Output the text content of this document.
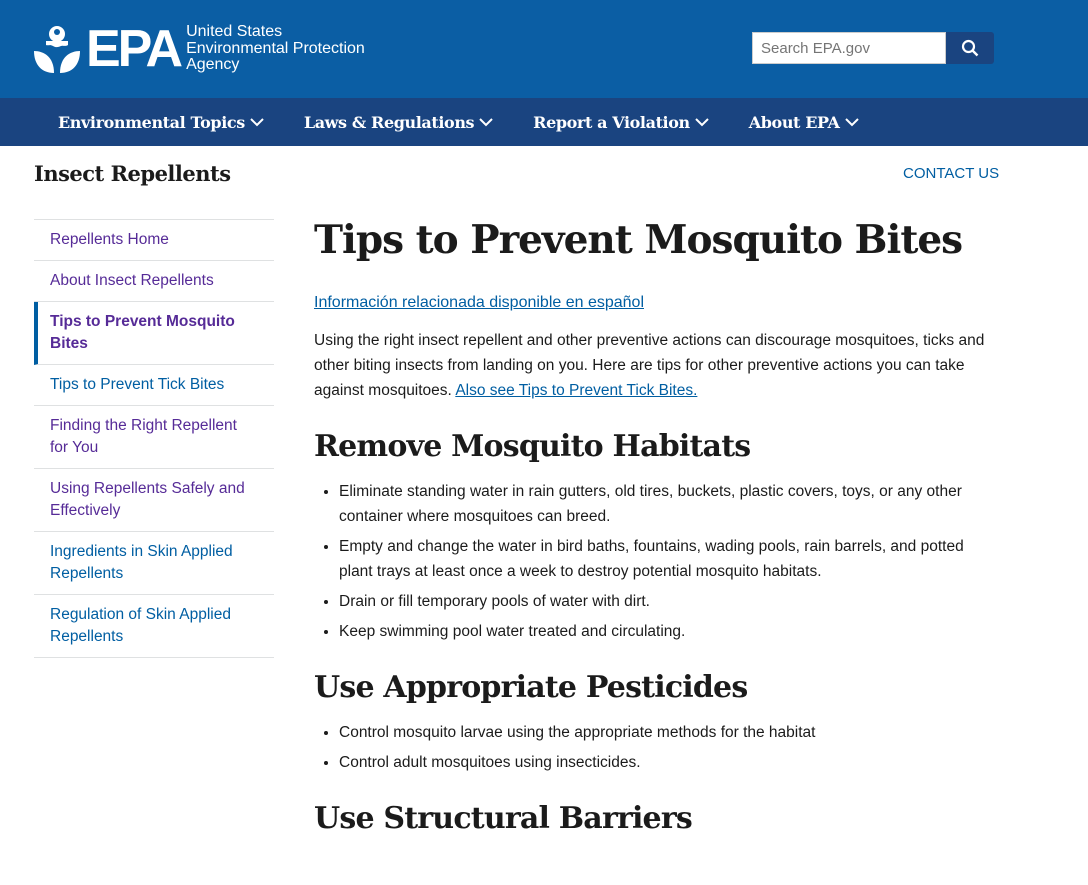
EPA United States
Environmental Protection
Agency
Search EPA.gov
Environmental Topics	Laws & Regulations	Report a Violation	About EPA
Insect Repellents	CONTACT US
Repellents Home
About Insect Repellents
Tips to Prevent Mosquito Bites
Tips to Prevent Tick Bites
Finding the Right Repellent for You
Using Repellents Safely and Effectively
Ingredients in Skin Applied Repellents
Regulation of Skin Applied Repellents
Tips to Prevent Mosquito Bites
Información relacionada disponible en español

Using the right insect repellent and other preventive actions can discourage mosquitoes, ticks and other biting insects from landing on you. Here are tips for other preventive actions you can take against mosquitoes. Also see Tips to Prevent Tick Bites.

Remove Mosquito Habitats
• Eliminate standing water in rain gutters, old tires, buckets, plastic covers, toys, or any other container where mosquitoes can breed.
• Empty and change the water in bird baths, fountains, wading pools, rain barrels, and potted plant trays at least once a week to destroy potential mosquito habitats.
• Drain or fill temporary pools of water with dirt.
• Keep swimming pool water treated and circulating.
Use Appropriate Pesticides
• Control mosquito larvae using the appropriate methods for the habitat
• Control adult mosquitoes using insecticides.
Use Structural Barriers
